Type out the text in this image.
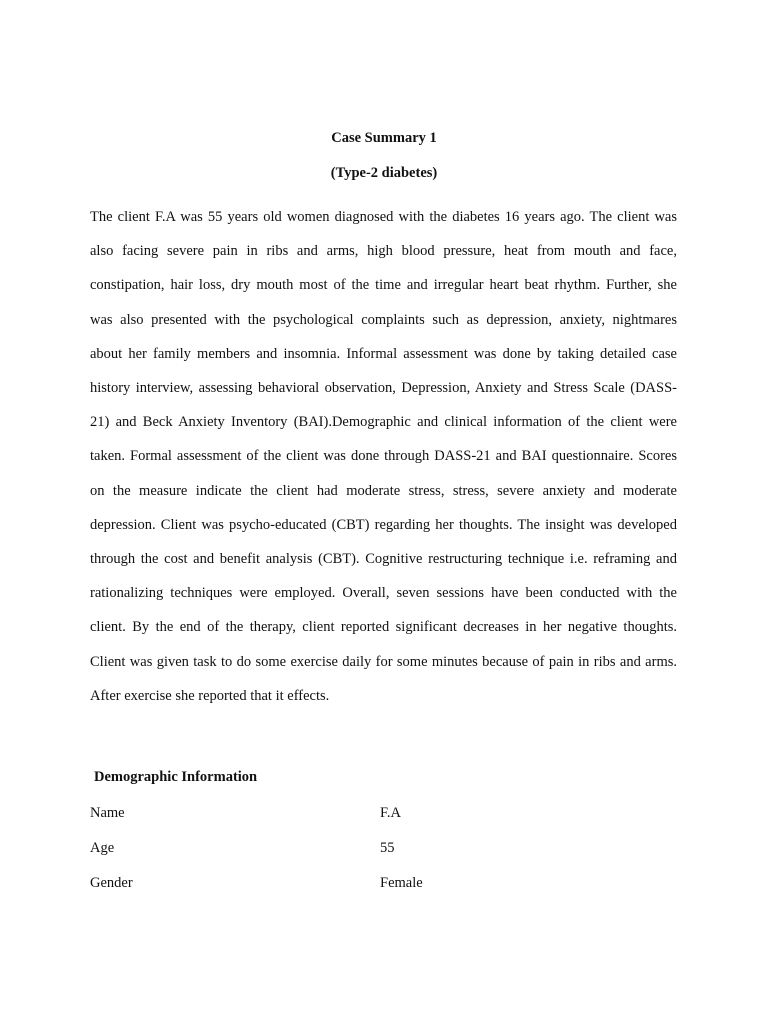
Case Summary 1
(Type-2 diabetes)
The client F.A was 55 years old women diagnosed with the diabetes 16 years ago. The client was
also facing severe pain in ribs and arms, high blood pressure, heat from mouth and face,
constipation, hair loss, dry mouth most of the time and irregular heart beat rhythm. Further, she
was also presented with the psychological complaints such as depression, anxiety, nightmares
about her family members and insomnia. Informal assessment was done by taking detailed case
history interview, assessing behavioral observation, Depression, Anxiety and Stress Scale (DASS-
21) and Beck Anxiety Inventory (BAI).Demographic and clinical information of the client were
taken. Formal assessment of the client was done through DASS-21 and BAI questionnaire. Scores
on the measure indicate the client had moderate stress, stress, severe anxiety and moderate
depression. Client was psycho-educated (CBT) regarding her thoughts. The insight was developed
through the cost and benefit analysis (CBT). Cognitive restructuring technique i.e. reframing and
rationalizing techniques were employed. Overall, seven sessions have been conducted with the
client. By the end of the therapy, client reported significant decreases in her negative thoughts.
Client was given task to do some exercise daily for some minutes because of pain in ribs and arms.
After exercise she reported that it effects.
Demographic Information
Name	F.A
Age	55
Gender	Female
